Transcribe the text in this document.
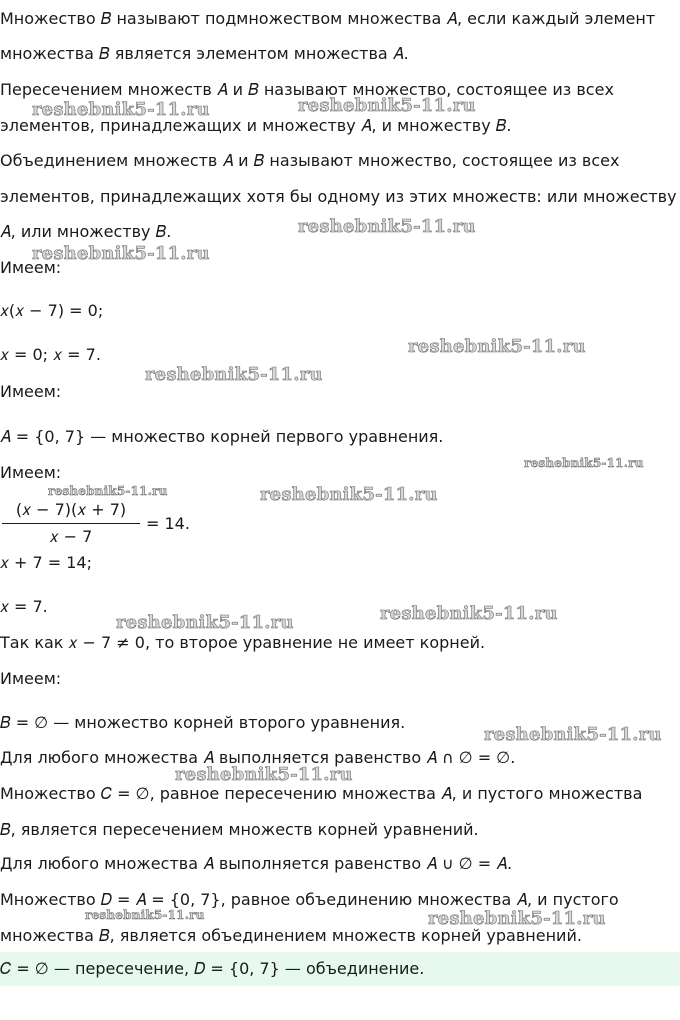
Множество 𝐵 называют подмножеством множества 𝐴, если каждый элемент
множества 𝐵 является элементом множества 𝐴.
Пересечением множеств 𝐴 и 𝐵 называют множество, состоящее из всех
элементов, принадлежащих и множеству 𝐴, и множеству 𝐵.
Объединением множеств 𝐴 и 𝐵 называют множество, состоящее из всех
элементов, принадлежащих хотя бы одному из этих множеств: или множеству
𝐴, или множеству 𝐵.
Имеем:
𝑥(𝑥 − 7) = 0;
𝑥 = 0; 𝑥 = 7.
Имеем:
𝐴 = {0, 7} — множество корней первого уравнения.
Имеем:
(𝑥 − 7)(𝑥 + 7)
𝑥 − 7
= 14.
𝑥 + 7 = 14;
𝑥 = 7.
Так как 𝑥 − 7 ≠ 0, то второе уравнение не имеет корней.
Имеем:
𝐵 = ∅ — множество корней второго уравнения.
Для любого множества 𝐴 выполняется равенство 𝐴 ∩ ∅ = ∅.
Множество 𝐶 = ∅, равное пересечению множества 𝐴, и пустого множества
𝐵, является пересечением множеств корней уравнений.
Для любого множества 𝐴 выполняется равенство 𝐴 ∪ ∅ = 𝐴.
Множество 𝐷 = 𝐴 = {0, 7}, равное объединению множества 𝐴, и пустого
множества 𝐵, является объединением множеств корней уравнений.
𝐶 = ∅ — пересечение, 𝐷 = {0, 7} — объединение.
reshebnik5-11.ru	reshebnik5-11.ru
reshebnik5-11.ru
reshebnik5-11.ru
reshebnik5-11.ru
reshebnik5-11.ru
reshebnik5-11.ru
reshebnik5-11.ru	reshebnik5-11.ru
reshebnik5-11.ru	reshebnik5-11.ru
reshebnik5-11.ru
reshebnik5-11.ru
reshebnik5-11.ru	reshebnik5-11.ru
